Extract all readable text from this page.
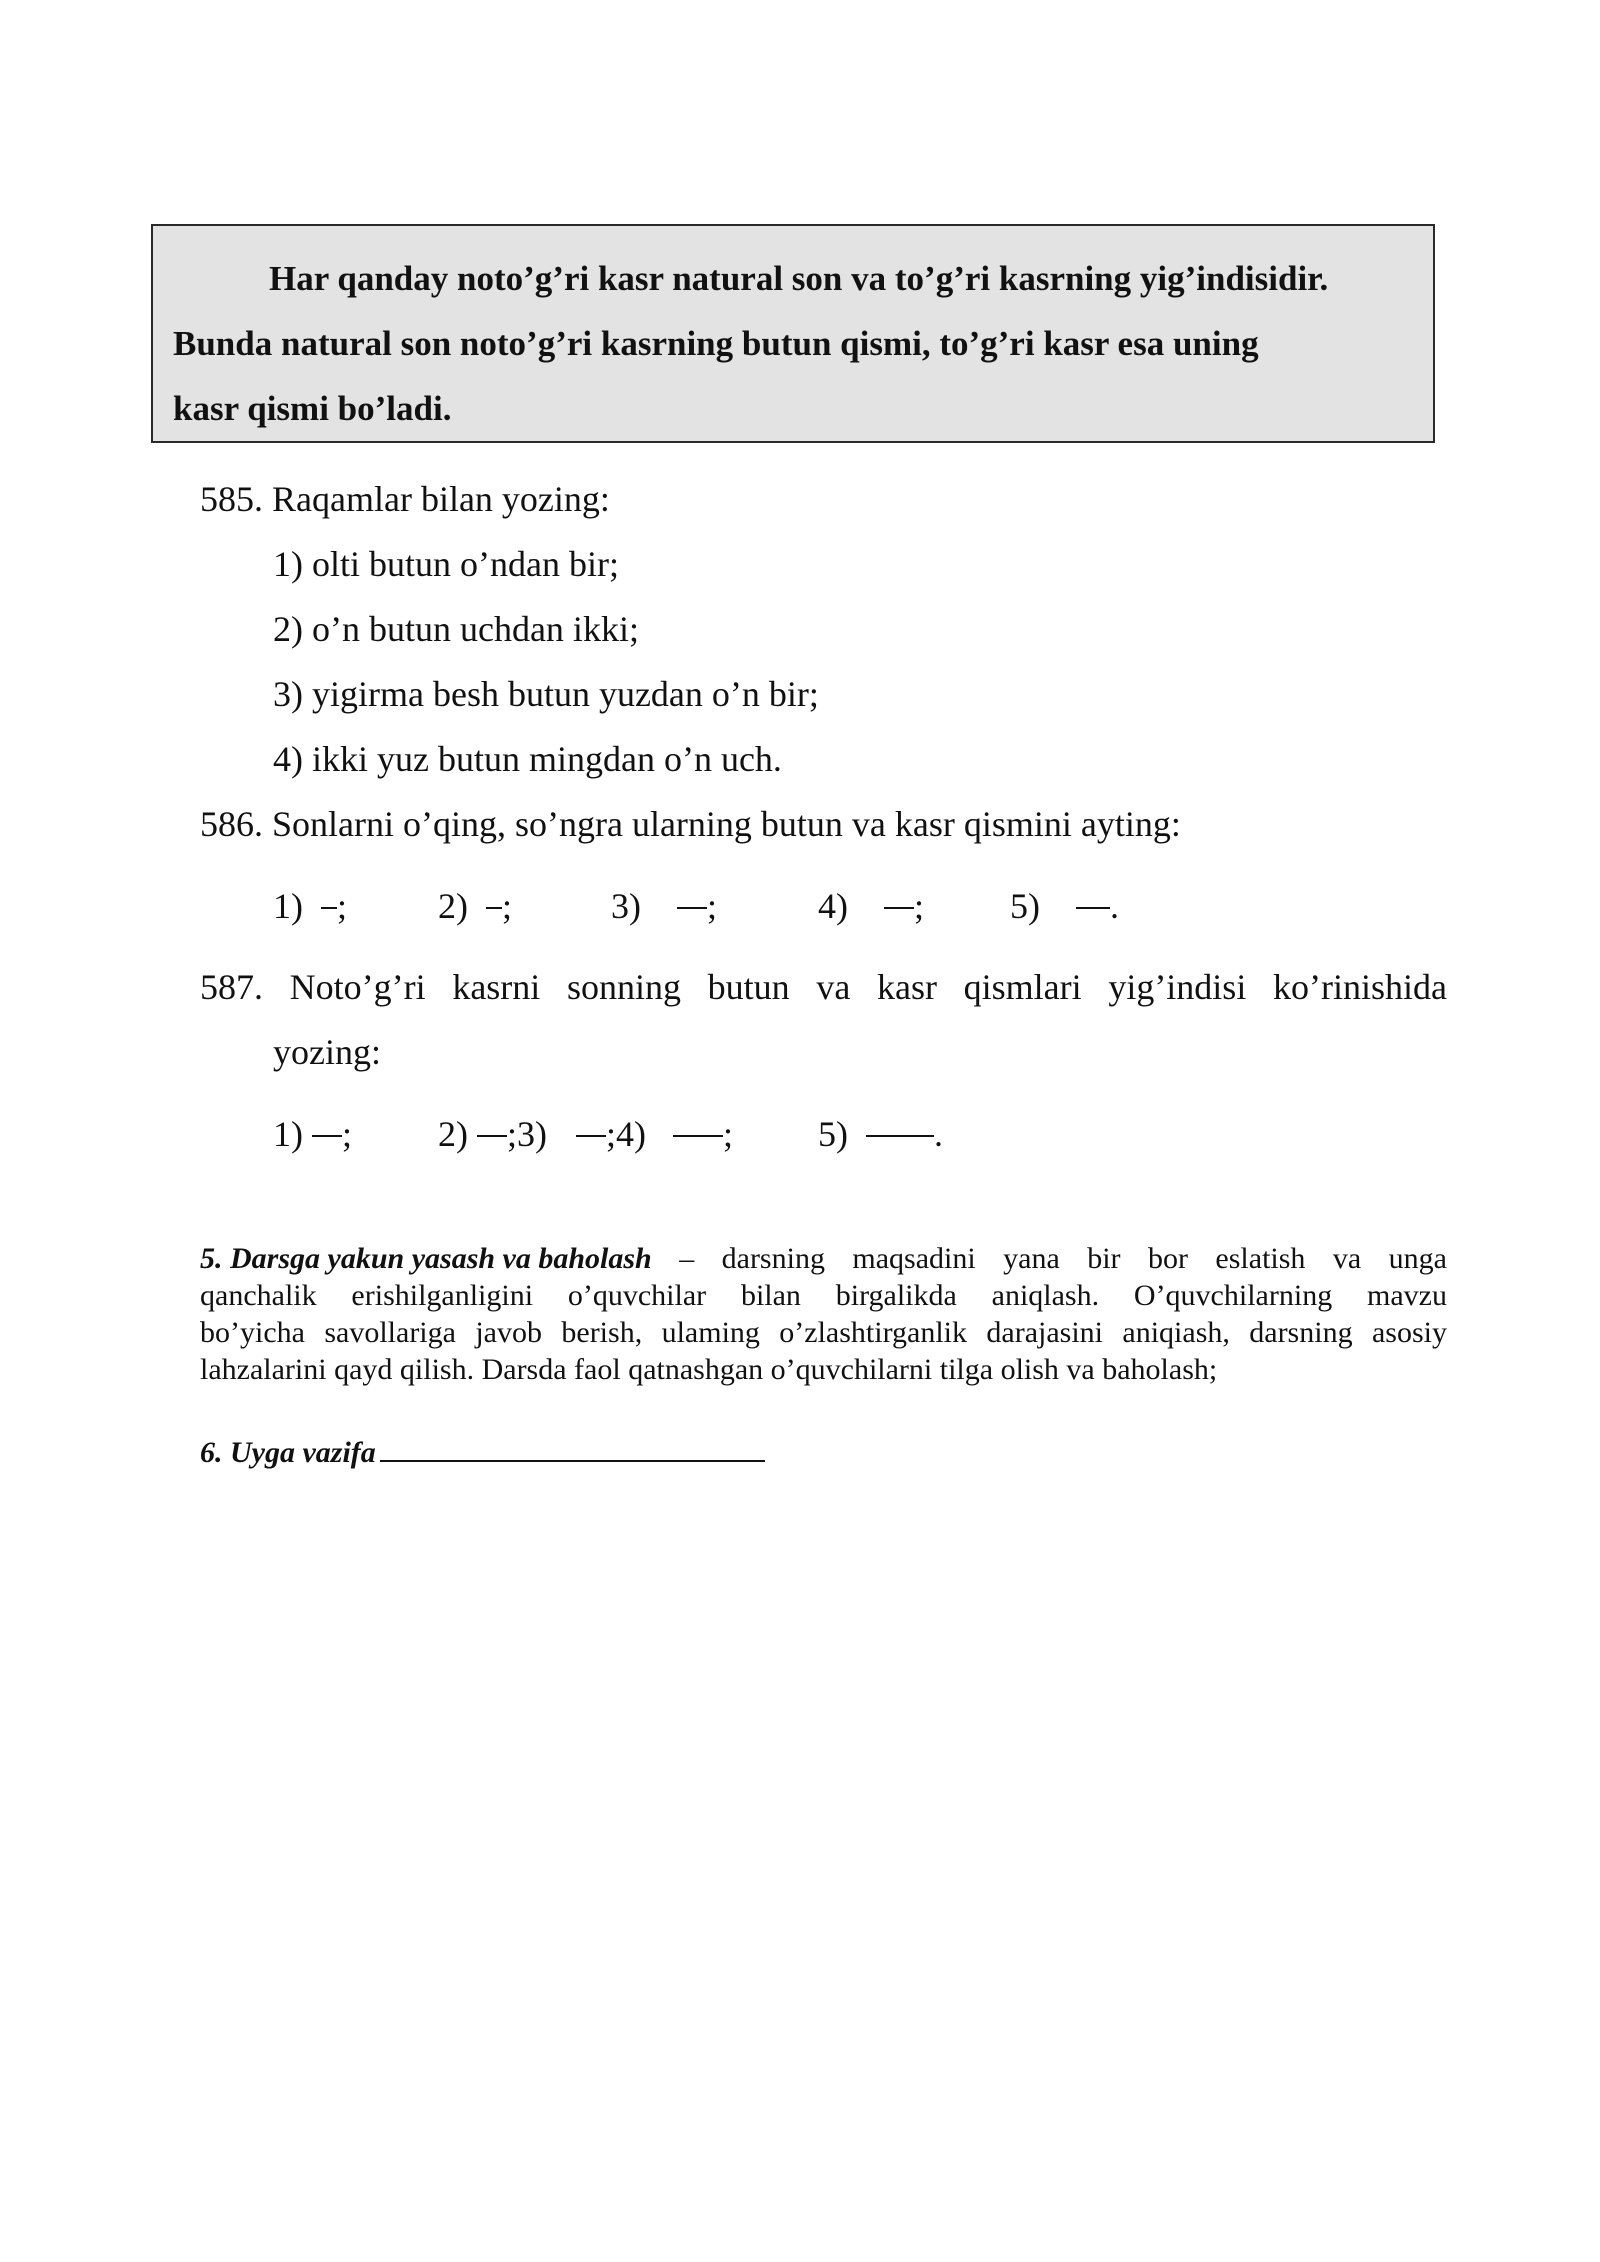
Har qanday noto’g’ri kasr natural son va to’g’ri kasrning yig’indisidir.

Bunda natural son noto’g’ri kasrning butun qismi, to’g’ri kasr esa uning

kasr qismi bo’ladi.

585. Raqamlar bilan yozing:
1) olti butun o’ndan bir;
2) o’n butun uchdan ikki;
3) yigirma besh butun yuzdan o’n bir;
4) ikki yuz butun mingdan o’n uch.
586. Sonlarni o’qing, so’ngra ularning butun va kasr qismini ayting:
1) ;	2) ;	3) ;	4) ; 5) .
587. Noto’g’ri kasrni sonning butun va kasr qismlari yig’indisi ko’rinishida
yozing:
1) ; 2) ;3)	;4)	; 5) .
5. Darsga yakun yasash va baholash – darsning maqsadini yana bir bor eslatish va unga
qanchalik erishilganligini o’quvchilar bilan birgalikda aniqlash. O’quvchilarning mavzu
bo’yicha savollariga javob berish, ulaming o’zlashtirganlik darajasini aniqiash, darsning asosiy
lahzalarini qayd qilish. Darsda faol qatnashgan o’quvchilarni tilga olish va baholash;
6. Uyga vazifa
